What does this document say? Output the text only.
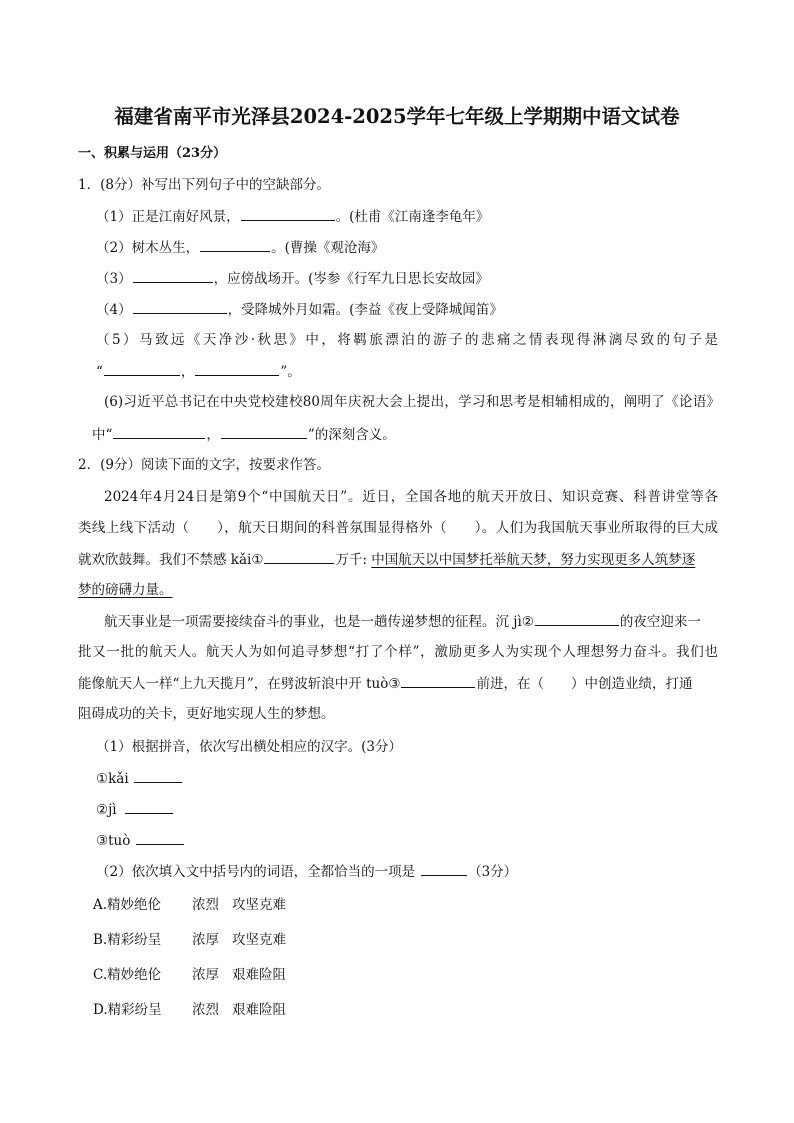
福建省南平市光泽县2024-2025学年七年级上学期期中语文试卷
一、积累与运用（23分）
1．(8分）补写出下列句子中的空缺部分。
（1）正是江南好风景，	。(杜甫《江南逢李龟年》
（2）树木丛生，	。(曹操《观沧海》
（3）	，应傍战场开。(岑参《行军九日思长安故园》
（4）	，受降城外月如霜。(李益《夜上受降城闻笛》
（5）马致远《天净沙·秋思》中，将羁旅漂泊的游子的悲痛之情表现得淋漓尽致的句子是
“	，	”。
(6)习近平总书记在中央党校建校80周年庆祝大会上提出，学习和思考是相辅相成的，阐明了《论语》
中“	，	”的深刻含义。
2．(9分）阅读下面的文字，按要求作答。
2024年4月24日是第9个“中国航天日”。近日，全国各地的航天开放日、知识竞赛、科普讲堂等各
类线上线下活动（　　），航天日期间的科普氛围显得格外（　　）。人们为我国航天事业所取得的巨大成
就欢欣鼓舞。我们不禁感 kǎi①	万千: 中国航天以中国梦托举航天梦，努力实现更多人筑梦逐
梦的磅礴力量。
航天事业是一项需要接续奋斗的事业，也是一趟传递梦想的征程。沉 jì②	的夜空迎来一
批又一批的航天人。航天人为如何追寻梦想“打了个样”，激励更多人为实现个人理想努力奋斗。我们也
能像航天人一样“上九天揽月”，在劈波斩浪中开 tuò③	前进，在（　　）中创造业绩，打通
阻碍成功的关卡，更好地实现人生的梦想。
（1）根据拼音，依次写出横处相应的汉字。(3分）
①kǎi
②jì
③tuò
（2）依次填入文中括号内的词语，全都恰当的一项是	（3分）
A.精妙绝伦 浓烈 攻坚克难
B.精彩纷呈 浓厚 攻坚克难
C.精妙绝伦 浓厚 艰难险阻
D.精彩纷呈 浓烈 艰难险阻
